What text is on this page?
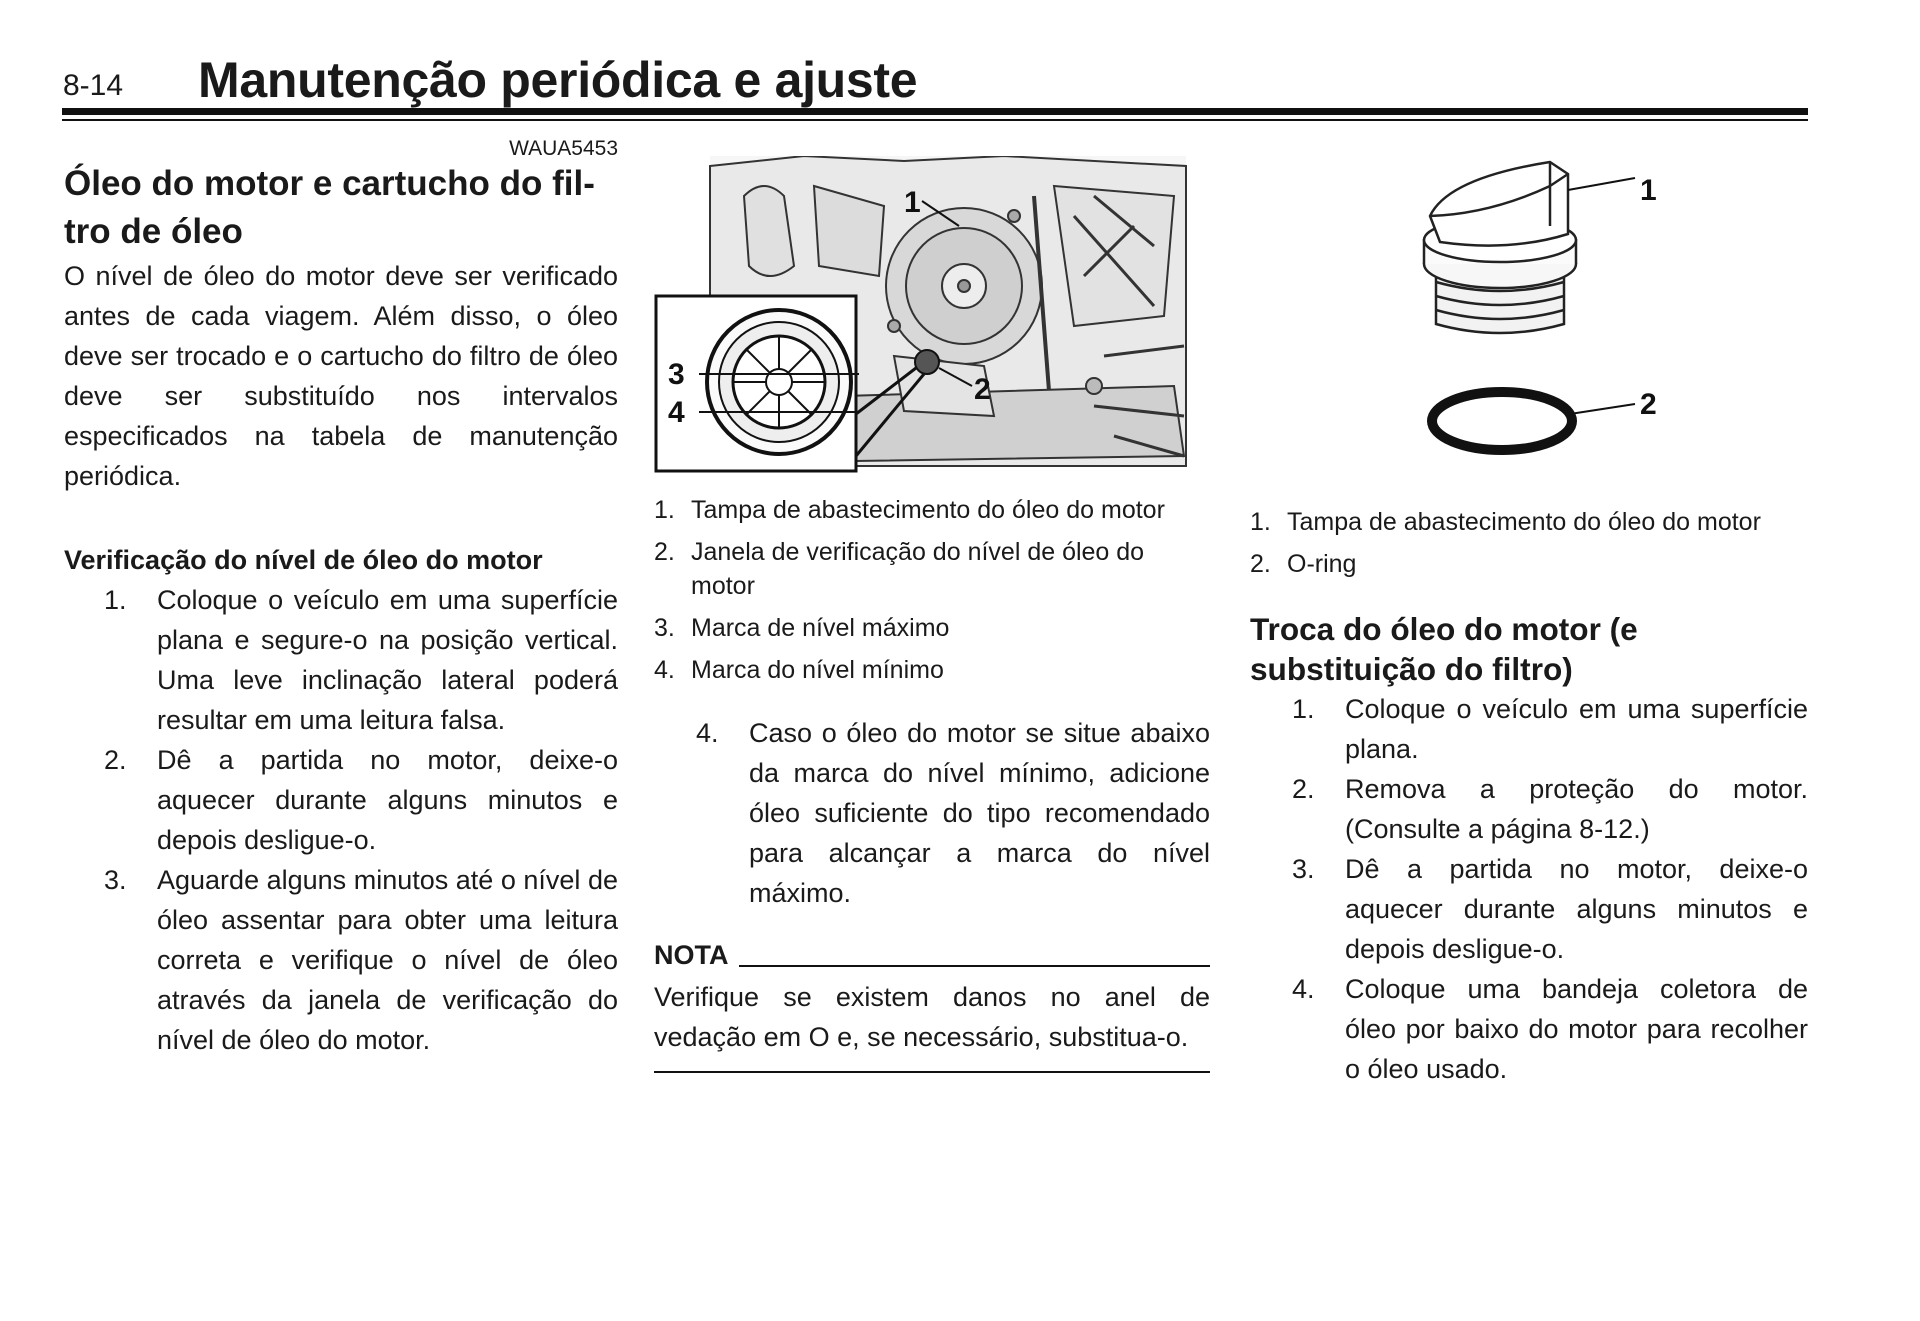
8-14 Manutenção periódica e ajuste

WAUA5453

Óleo do motor e cartucho do fil-
tro de óleo

O nível de óleo do motor deve ser verificado antes de cada viagem. Além disso, o óleo deve ser trocado e o cartucho do filtro de óleo deve ser substituído nos intervalos especificados na tabela de manutenção periódica.

Verificação do nível de óleo do motor
1. Coloque o veículo em uma superfície plana e segure-o na posição vertical. Uma leve inclinação lateral poderá resultar em uma leitura falsa.
2. Dê a partida no motor, deixe-o aquecer durante alguns minutos e depois desligue-o.
3. Aguarde alguns minutos até o nível de óleo assentar para obter uma leitura correta e verifique o nível de óleo através da janela de verificação do nível de óleo do motor.
1
2
3
4
1. Tampa de abastecimento do óleo do motor
2. Janela de verificação do nível de óleo do motor
3. Marca de nível máximo
4. Marca do nível mínimo
4. Caso o óleo do motor se situe abaixo da marca do nível mínimo, adicione óleo suficiente do tipo recomendado para alcançar a marca do nível máximo.
NOTA

Verifique se existem danos no anel de vedação em O e, se necessário, substitua-o.

1
2
1. Tampa de abastecimento do óleo do motor
2. O-ring
Troca do óleo do motor (e substituição do filtro)
1. Coloque o veículo em uma superfície plana.
2. Remova a proteção do motor. (Consulte a página 8-12.)
3. Dê a partida no motor, deixe-o aquecer durante alguns minutos e depois desligue-o.
4. Coloque uma bandeja coletora de óleo por baixo do motor para recolher o óleo usado.
